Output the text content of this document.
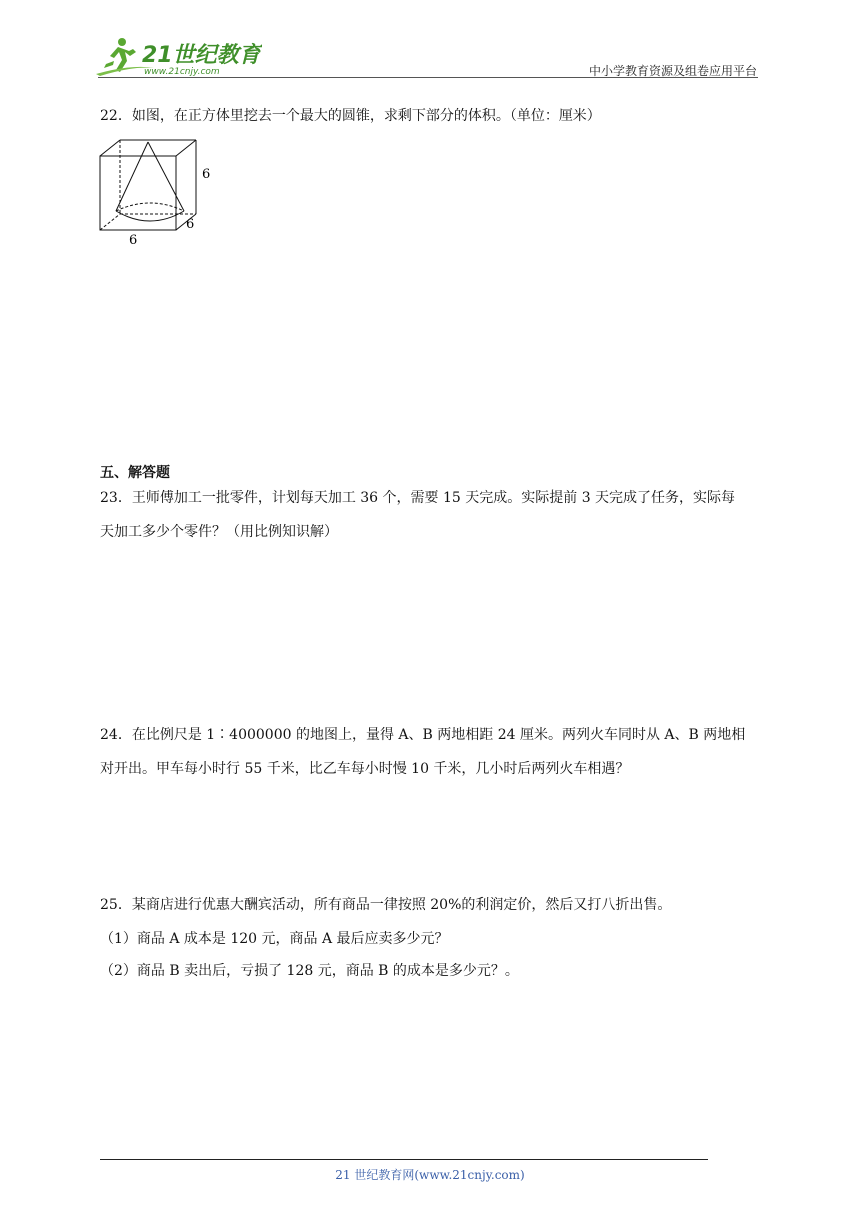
21世纪教育
www.21cnjy.com	中小学教育资源及组卷应用平台
22．如图，在正方体里挖去一个最大的圆锥，求剩下部分的体积。（单位：厘米）
6
6
6
五、解答题
23．王师傅加工一批零件，计划每天加工 36 个，需要 15 天完成。实际提前 3 天完成了任务，实际每
天加工多少个零件？（用比例知识解）
24．在比例尺是 1∶4000000 的地图上，量得 A、B 两地相距 24 厘米。两列火车同时从 A、B 两地相
对开出。甲车每小时行 55 千米，比乙车每小时慢 10 千米，几小时后两列火车相遇？
25．某商店进行优惠大酬宾活动，所有商品一律按照 20%的利润定价，然后又打八折出售。
（1）商品 A 成本是 120 元，商品 A 最后应卖多少元？
（2）商品 B 卖出后，亏损了 128 元，商品 B 的成本是多少元？。
21 世纪教育网(www.21cnjy.com)
